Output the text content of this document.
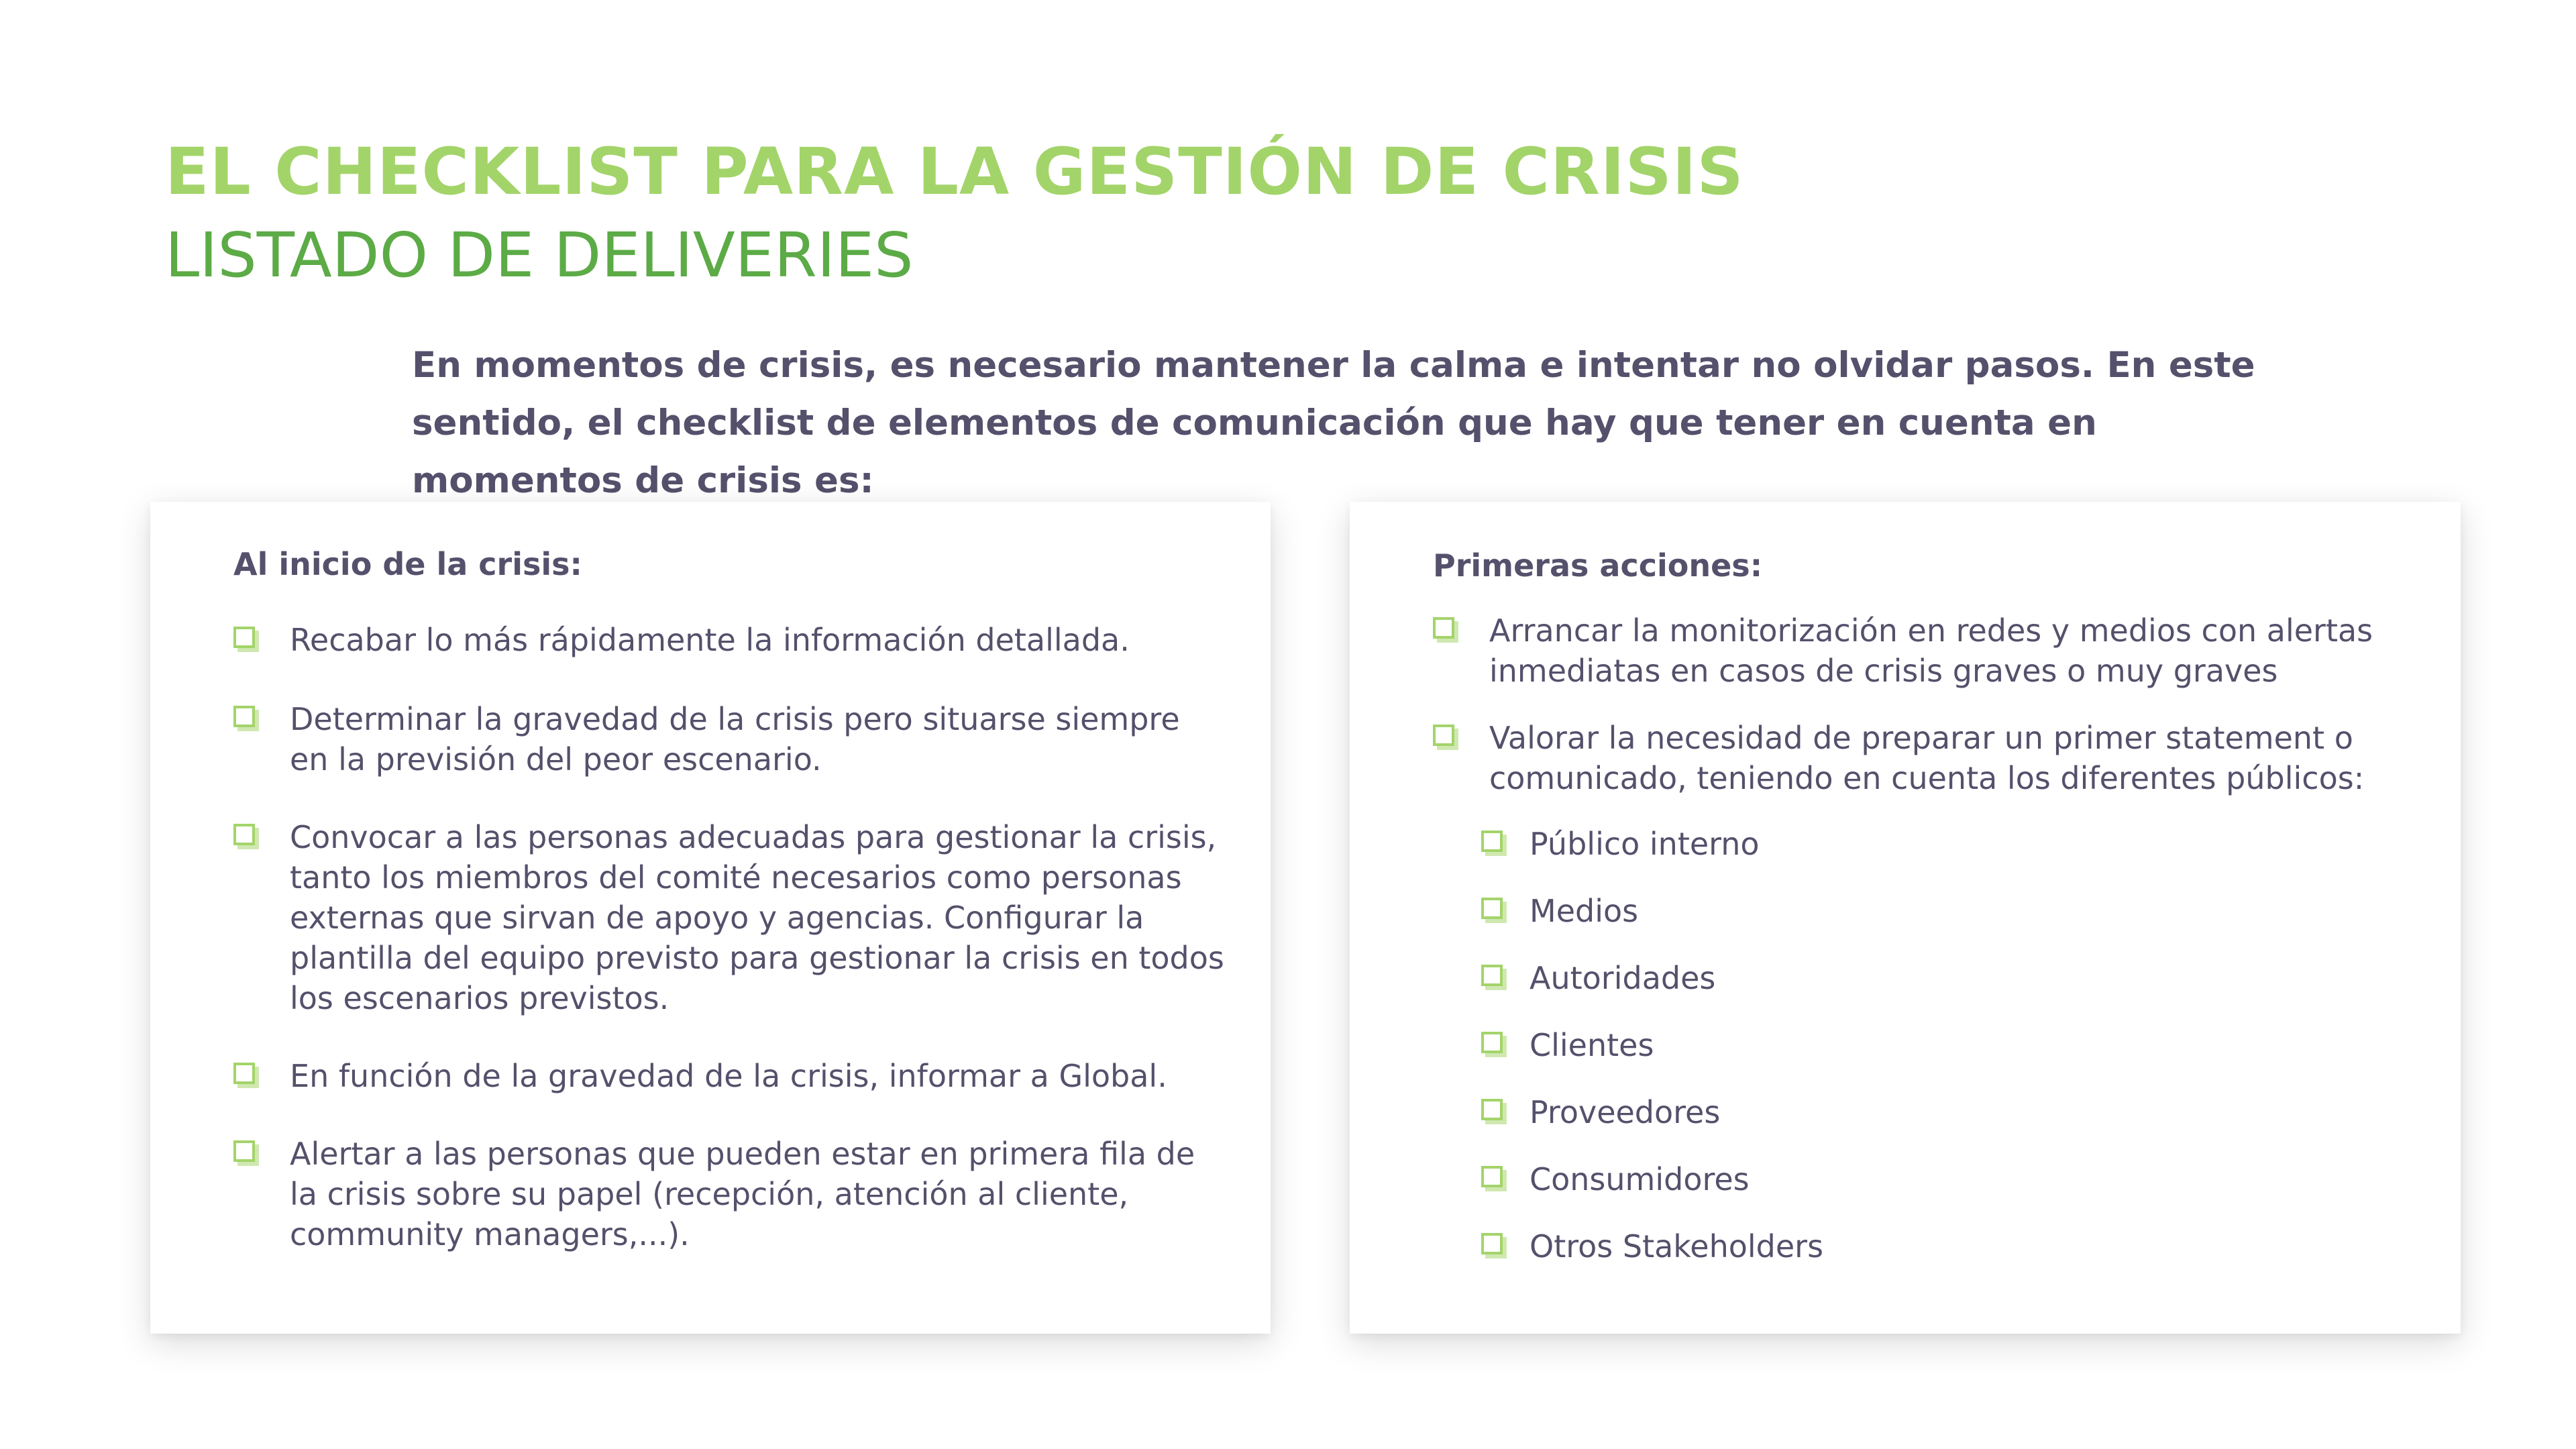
EL CHECKLIST PARA LA GESTIÓN DE CRISIS
LISTADO DE DELIVERIES
En momentos de crisis, es necesario mantener la calma e intentar no olvidar pasos. En este sentido, el checklist de elementos de comunicación que hay que tener en cuenta en momentos de crisis es:
Al inicio de la crisis:
Recabar lo más rápidamente la información detallada.
Determinar la gravedad de la crisis pero situarse siempre en la previsión del peor escenario.
Convocar a las personas adecuadas para gestionar la crisis, tanto los miembros del comité necesarios como personas externas que sirvan de apoyo y agencias. Configurar la plantilla del equipo previsto para gestionar la crisis en todos los escenarios previstos.
En función de la gravedad de la crisis, informar a Global.
Alertar a las personas que pueden estar en primera fila de la crisis sobre su papel (recepción, atención al cliente, community managers,...).
Primeras acciones:
Arrancar la monitorización en redes y medios con alertas inmediatas en casos de crisis graves o muy graves
Valorar la necesidad de preparar un primer statement o comunicado, teniendo en cuenta los diferentes públicos:
Público interno
Medios
Autoridades
Clientes
Proveedores
Consumidores
Otros Stakeholders
